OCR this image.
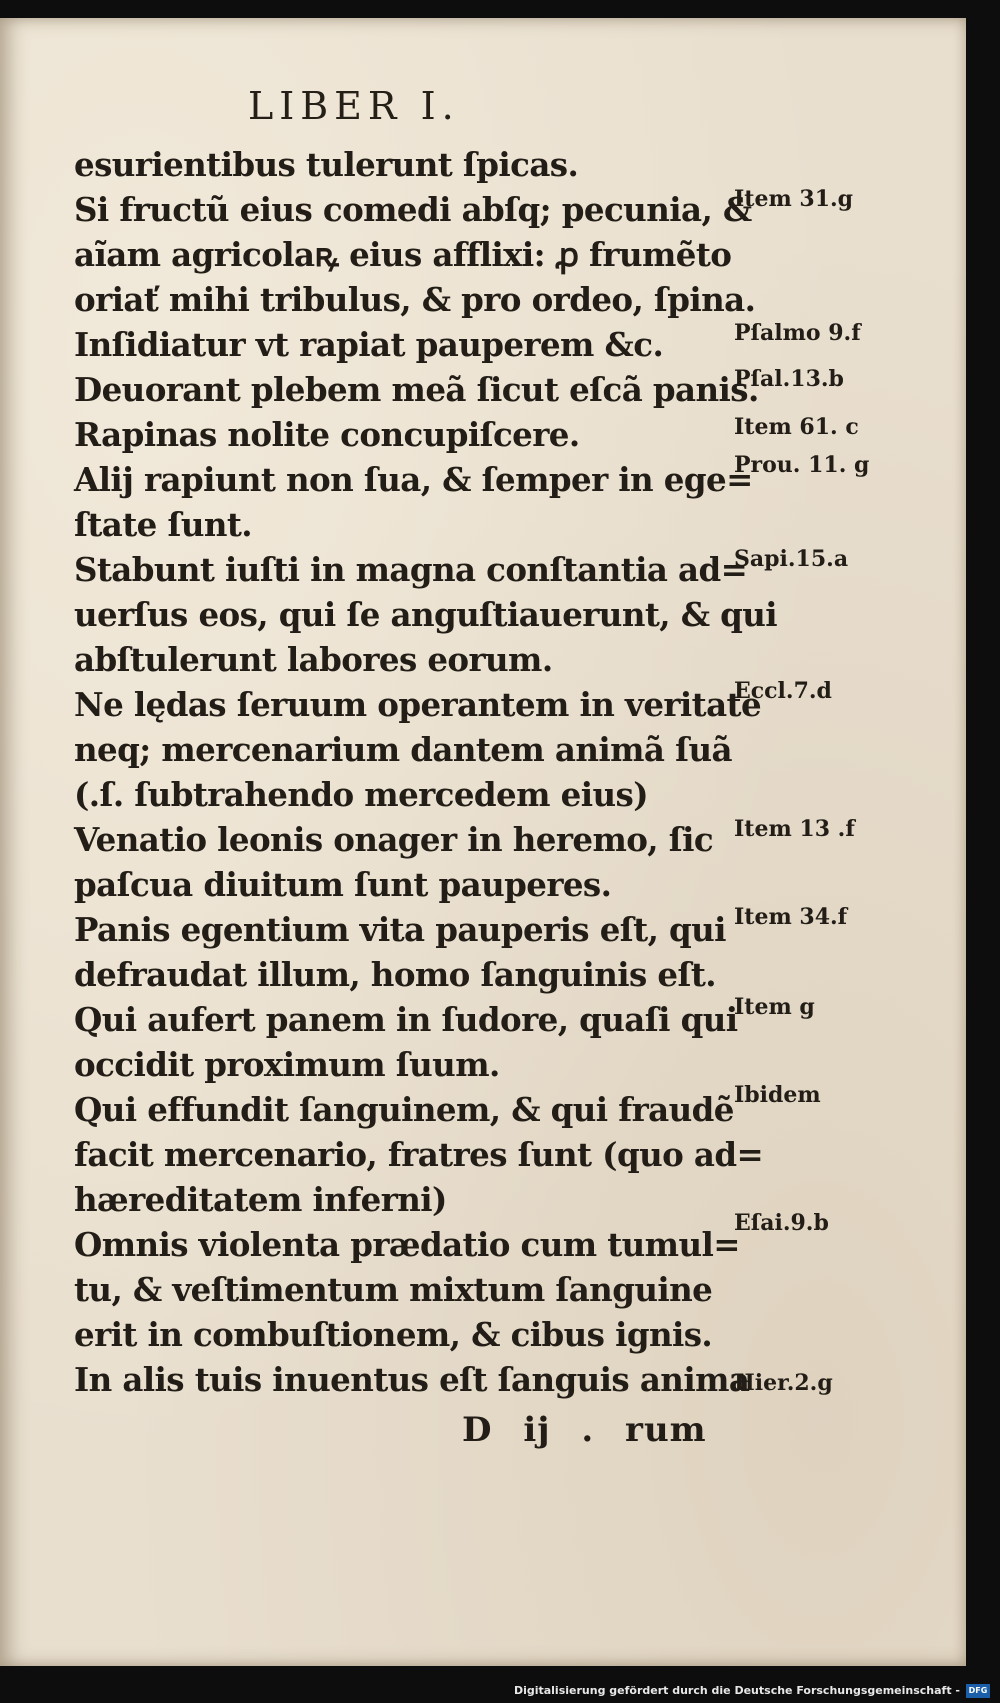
LIBER I.
esurientibus tulerunt ſpicas.
Si fructũ eius comedi abſq; pecunia, &
aĩam agricolaꝶ eius afflixi: ꝓ frumẽto
oriať mihi tribulus, & pro ordeo, ſpina.
Inſidiatur vt rapiat pauperem &c.
Deuorant plebem meã ſicut eſcã panis.
Rapinas nolite concupiſcere.
Alij rapiunt non ſua, & ſemper in ege=
ſtate ſunt.
Stabunt iuſti in magna conſtantia ad=
uerſus eos, qui ſe anguſtiauerunt, & qui
abſtulerunt labores eorum.
Ne lędas ſeruum operantem in veritate
neq; mercenarium dantem animã ſuã
(.ſ. ſubtrahendo mercedem eius)
Venatio leonis onager in heremo, ſic
paſcua diuitum ſunt pauperes.
Panis egentium vita pauperis eſt, qui
defraudat illum, homo ſanguinis eſt.
Qui aufert panem in ſudore, quaſi qui
occidit proximum ſuum.
Qui effundit ſanguinem, & qui fraudẽ
facit mercenario, fratres ſunt (quo ad=
hæreditatem inferni)
Omnis violenta prædatio cum tumul=
tu, & veſtimentum mixtum ſanguine
erit in combuſtionem, & cibus ignis.
In alis tuis inuentus eſt ſanguis anima
Item 31.g
Pſalmo 9.f
Pſal.13.b
Item 61. c
Prou. 11. g
Sapi.15.a
Eccl.7.d
Item 13 .f
Item 34.f
Item g
Ibidem
Eſai.9.b
Hier.2.g
D ij . rum
Digitalisierung gefördert durch die Deutsche Forschungsgemeinschaft -	DFG
